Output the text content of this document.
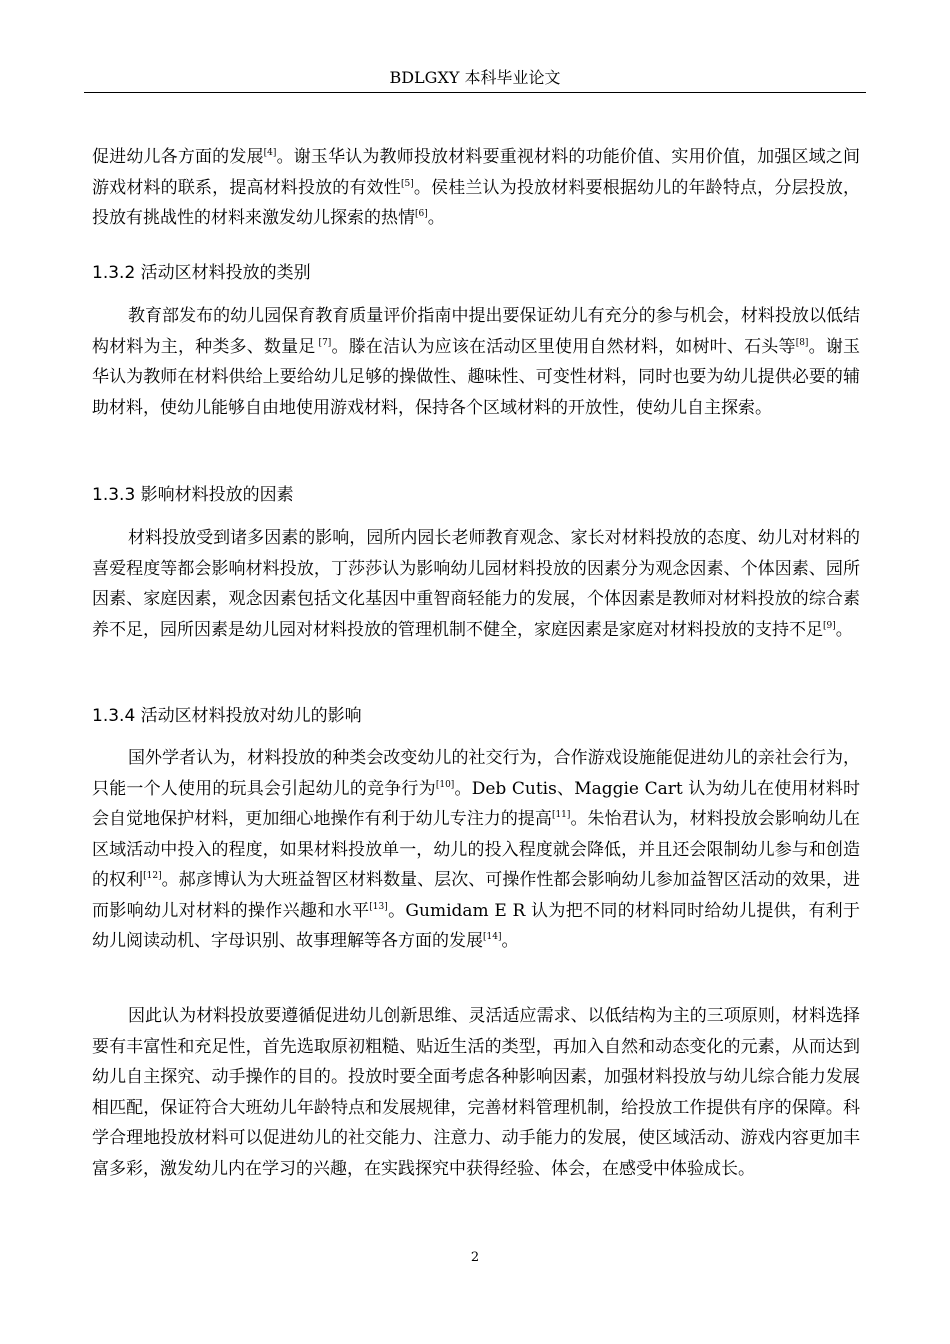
BDLGXY 本科毕业论文

促进幼儿各方面的发展[4]。谢玉华认为教师投放材料要重视材料的功能价值、实用价值，加强区域之间游戏材料的联系，提高材料投放的有效性[5]。侯桂兰认为投放材料要根据幼儿的年龄特点，分层投放，投放有挑战性的材料来激发幼儿探索的热情[6]。

1.3.2 活动区材料投放的类别

教育部发布的幼儿园保育教育质量评价指南中提出要保证幼儿有充分的参与机会，材料投放以低结构材料为主，种类多、数量足 [7]。滕在洁认为应该在活动区里使用自然材料，如树叶、石头等[8]。谢玉华认为教师在材料供给上要给幼儿足够的操做性、趣味性、可变性材料，同时也要为幼儿提供必要的辅助材料，使幼儿能够自由地使用游戏材料，保持各个区域材料的开放性，使幼儿自主探索。

1.3.3 影响材料投放的因素

材料投放受到诸多因素的影响，园所内园长老师教育观念、家长对材料投放的态度、幼儿对材料的喜爱程度等都会影响材料投放，丁莎莎认为影响幼儿园材料投放的因素分为观念因素、个体因素、园所因素、家庭因素，观念因素包括文化基因中重智商轻能力的发展，个体因素是教师对材料投放的综合素养不足，园所因素是幼儿园对材料投放的管理机制不健全，家庭因素是家庭对材料投放的支持不足[9]。

1.3.4 活动区材料投放对幼儿的影响

国外学者认为，材料投放的种类会改变幼儿的社交行为，合作游戏设施能促进幼儿的亲社会行为，只能一个人使用的玩具会引起幼儿的竞争行为[10]。Deb Cutis、Maggie Cart 认为幼儿在使用材料时会自觉地保护材料，更加细心地操作有利于幼儿专注力的提高[11]。朱怡君认为，材料投放会影响幼儿在区域活动中投入的程度，如果材料投放单一，幼儿的投入程度就会降低，并且还会限制幼儿参与和创造的权利[12]。郝彦博认为大班益智区材料数量、层次、可操作性都会影响幼儿参加益智区活动的效果，进而影响幼儿对材料的操作兴趣和水平[13]。Gumidam E R 认为把不同的材料同时给幼儿提供，有利于幼儿阅读动机、字母识别、故事理解等各方面的发展[14]。

因此认为材料投放要遵循促进幼儿创新思维、灵活适应需求、以低结构为主的三项原则，材料选择要有丰富性和充足性，首先选取原初粗糙、贴近生活的类型，再加入自然和动态变化的元素，从而达到幼儿自主探究、动手操作的目的。投放时要全面考虑各种影响因素，加强材料投放与幼儿综合能力发展相匹配，保证符合大班幼儿年龄特点和发展规律，完善材料管理机制，给投放工作提供有序的保障。科学合理地投放材料可以促进幼儿的社交能力、注意力、动手能力的发展，使区域活动、游戏内容更加丰富多彩，激发幼儿内在学习的兴趣，在实践探究中获得经验、体会，在感受中体验成长。

2
